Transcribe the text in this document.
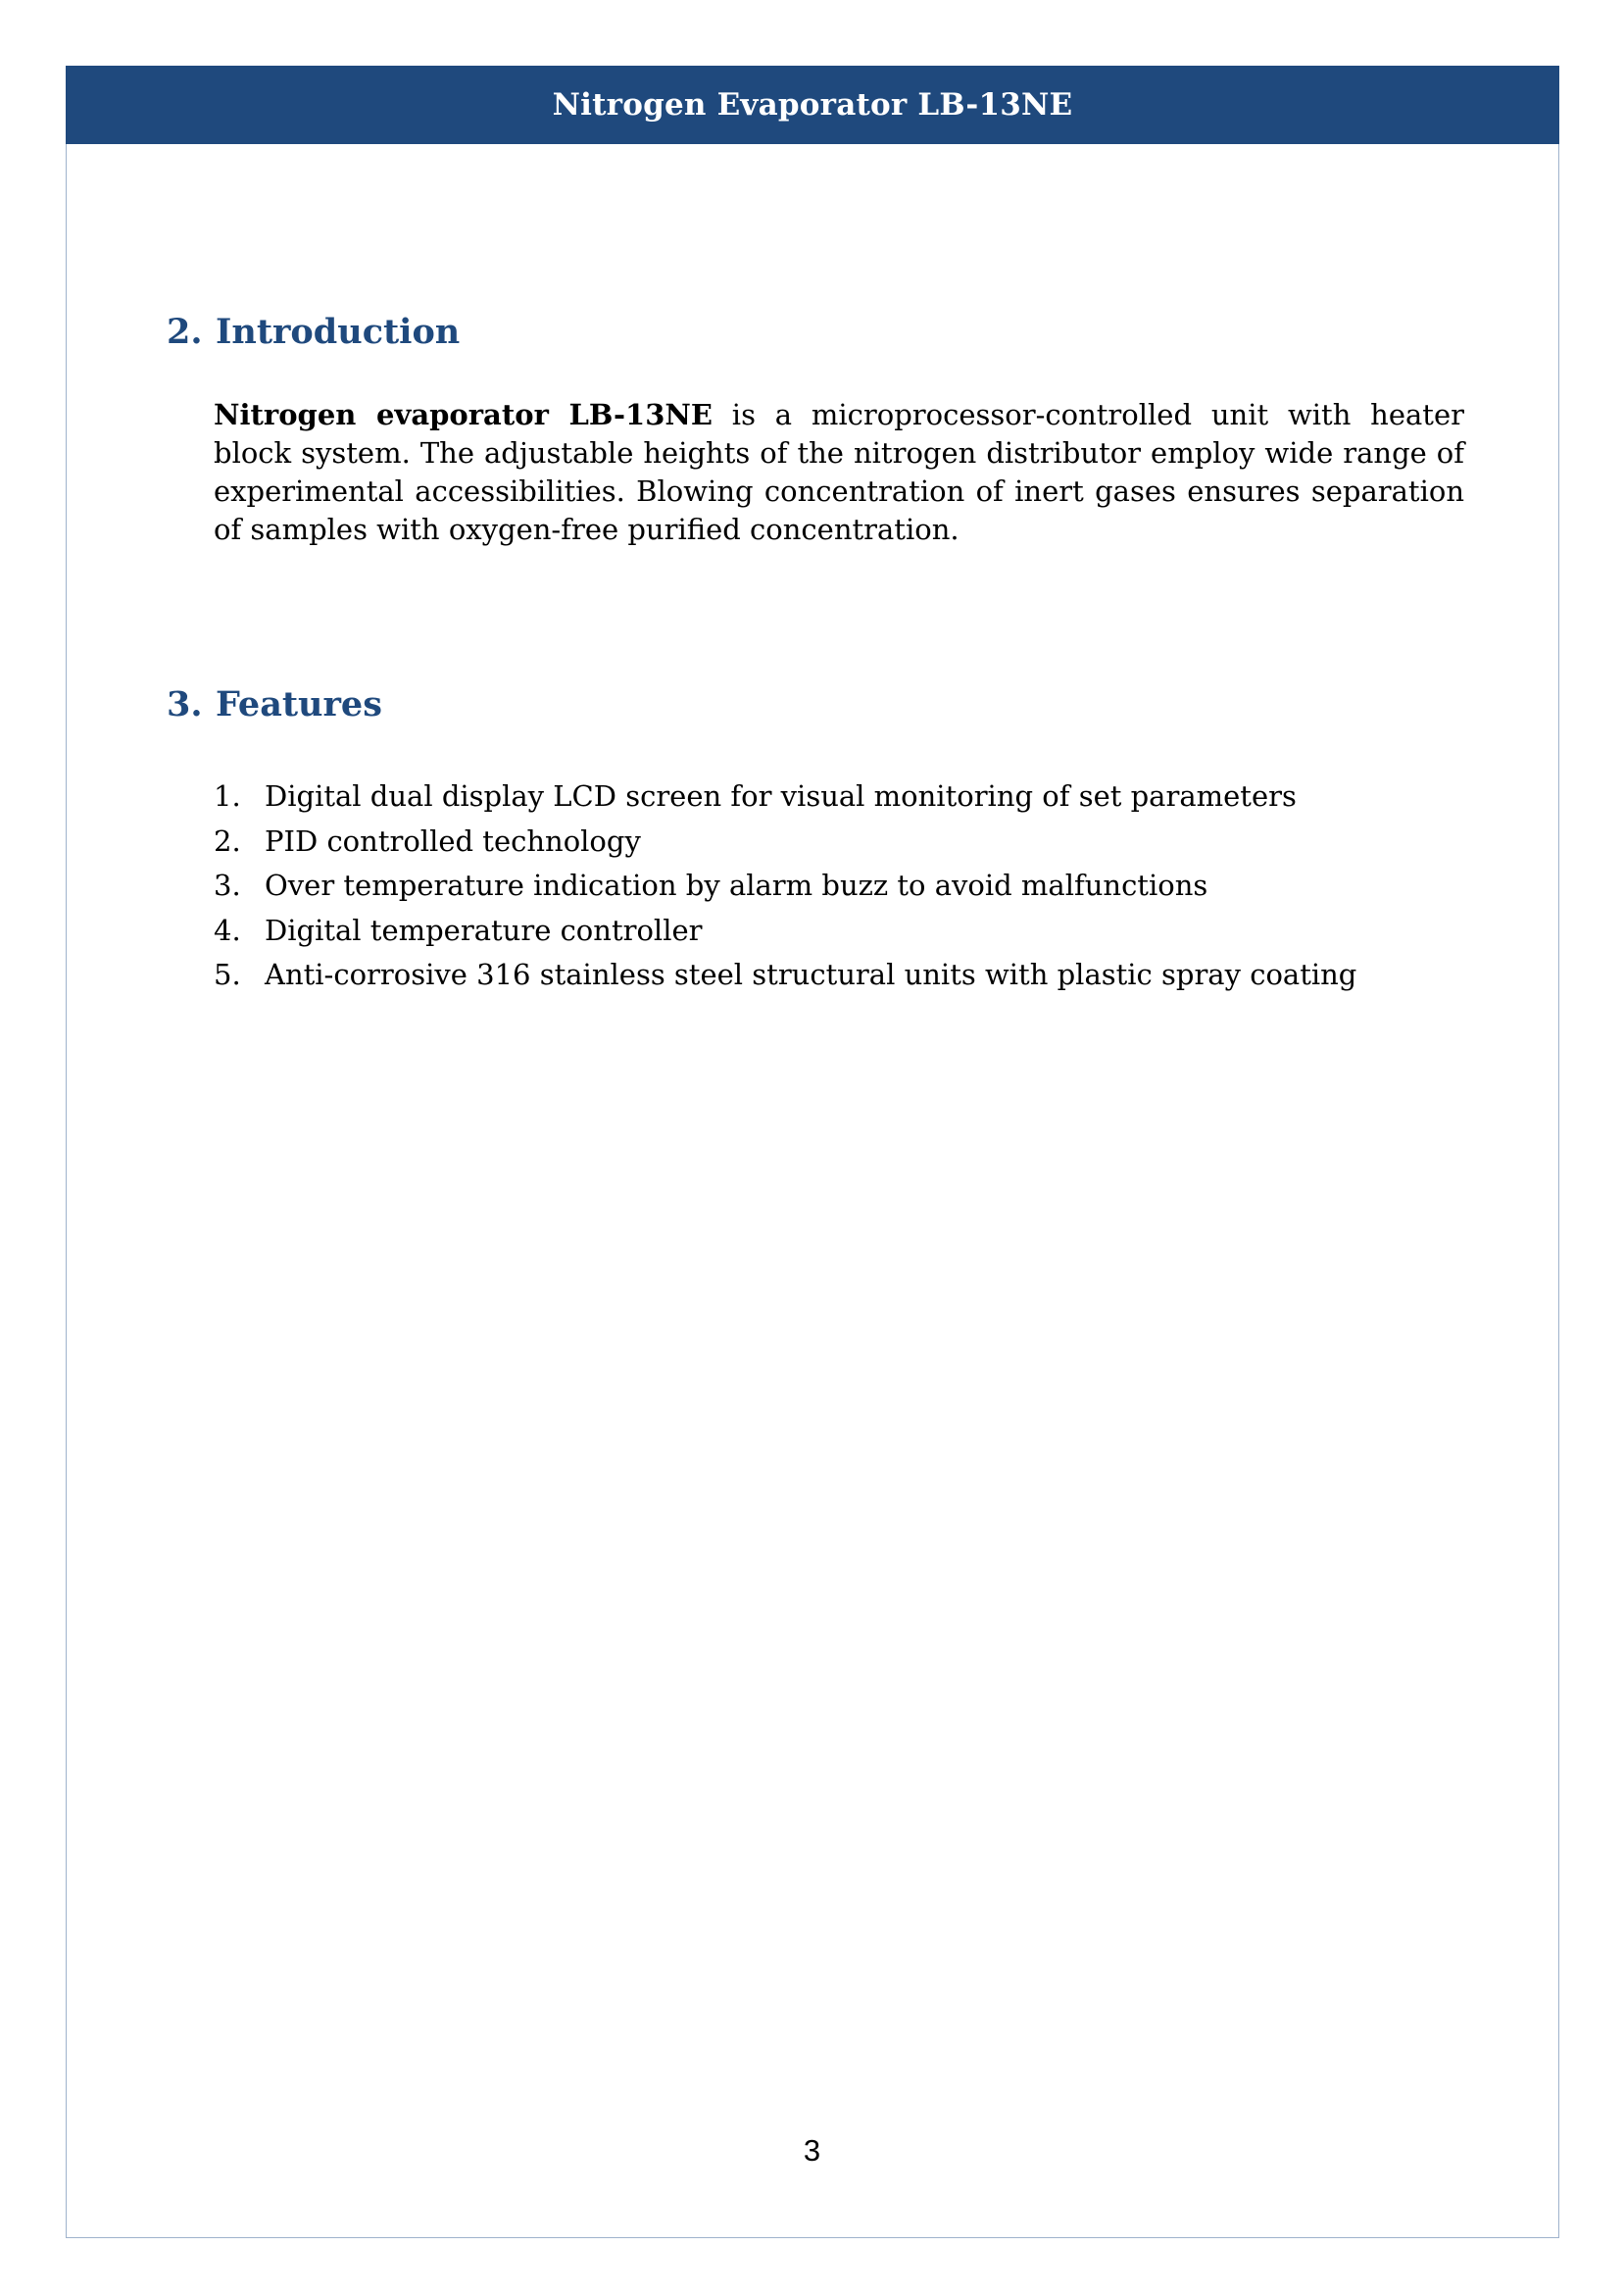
Nitrogen Evaporator LB-13NE
2. Introduction

Nitrogen evaporator LB-13NE is a microprocessor-controlled unit with heater block system. The adjustable heights of the nitrogen distributor employ wide range of experimental accessibilities. Blowing concentration of inert gases ensures separation of samples with oxygen-free purified concentration.

3. Features
1. Digital dual display LCD screen for visual monitoring of set parameters
2. PID controlled technology
3. Over temperature indication by alarm buzz to avoid malfunctions
4. Digital temperature controller
5. Anti-corrosive 316 stainless steel structural units with plastic spray coating
3
